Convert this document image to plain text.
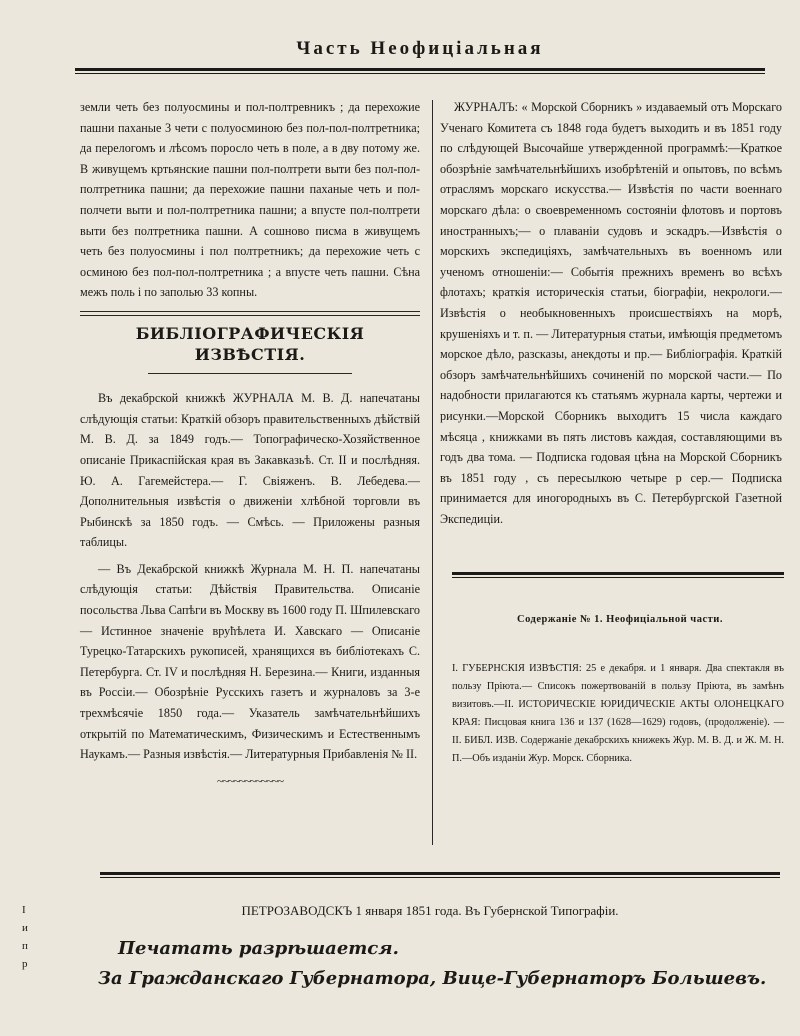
Часть Неофиціальная

земли четь без полуосмины и пол-полтревникъ ; да перехожие пашни паханые 3 чети с полуосминою без пол-пол-полтретника; да перелогомъ и лѣсомъ поросло четь в поле, а в дву потому же. В живущемъ кртьянские пашни пол-полтрети выти без пол-пол-полтретника пашни; да перехожие пашни паханые четь и пол-полчети выти и пол-полтретника пашни; а впусте пол-полтрети выти без полтретника пашни. А сошново писма в живущемъ четь без полуосмины і пол полтретникъ; да перехожие четь с осминою без пол-пол-полтретника ; а впусте четь пашни. Сѣна межъ поль і по заполью 33 копны.

БИБЛІОГРАФИЧЕСКІЯ ИЗВѢСТІЯ.

Въ декабрской книжкѣ ЖУРНАЛА М. В. Д. напечатаны слѣдующія статьи: Краткій обзоръ правительственныхъ дѣйствій М. В. Д. за 1849 годъ.— Топографическо-Хозяйственное описаніе Прикаспійская края въ Закавказьѣ. Ст. II и послѣдняя. Ю. А. Гагемейстера.— Г. Свіяженъ. В. Лебедева.— Дополнительныя извѣстія о движеніи хлѣбной торговли въ Рыбинскѣ за 1850 годъ. — Смѣсь. — Приложены разныя таблицы.

— Въ Декабрской книжкѣ Журнала М. Н. П. напечатаны слѣдующія статьи: Дѣйствія Правительства. Описаніе посольства Льва Сапѣги въ Москву въ 1600 году П. Шпилевскаго — Истинное значеніе врућѣлета И. Хавскаго — Описаніе Турецко-Татарскихъ рукописей, хранящихся въ библіотекахъ С. Петербурга. Ст. IV и послѣдняя Н. Березина.— Книги, изданныя въ Россіи.— Обозрѣніе Русскихъ газетъ и журналовъ за 3-е трехмѣсячіе 1850 года.— Указатель замѣчательнѣйшихъ открытій по Математическимъ, Физическимъ и Естественнымъ Наукамъ.— Разныя извѣстія.— Литературныя Прибавленія № II.

~~~~~~~~~~~~

ЖУРНАЛЪ: « Морской Сборникъ » издаваемый отъ Морскаго Ученаго Комитета съ 1848 года будетъ выходить и въ 1851 году по слѣдующей Высочайше утвержденной программѣ:—Краткое обозрѣніе замѣчательнѣйшихъ изобрѣтеній и опытовъ, по всѣмъ отраслямъ морскаго искусства.— Извѣстія по части военнаго морскаго дѣла: о своевременномъ состояніи флотовъ и портовъ иностранныхъ;— о плаваніи судовъ и эскадръ.—Извѣстія о морскихъ экспедиціяхъ, замѣчательныхъ въ военномъ или ученомъ отношеніи:— Событія прежнихъ временъ во всѣхъ флотахъ; краткія историческія статьи, біографіи, некрологи.—Извѣстія о необыкновенныхъ происшествіяхъ на морѣ, крушеніяхъ и т. п. — Литературныя статьи, имѣющія предметомъ морское дѣло, разсказы, анекдоты и пр.— Библіографія. Краткій обзоръ замѣчательнѣйшихъ сочиненій по морской части.— По надобности прилагаются къ статьямъ журнала карты, чертежи и рисунки.—Морской Сборникъ выходитъ 15 числа каждаго мѣсяца , книжками въ пять листовъ каждая, составляющими въ годъ два тома. — Подписка годовая цѣна на Морской Сборникъ въ 1851 году , съ пересылкою четыре р сер.— Подписка принимается для иногородныхъ въ С. Петербургской Газетной Экспедиціи.

Содержаніе № 1. Неофиціальной части.
I. ГУБЕРНСКІЯ ИЗВѢСТІЯ: 25 е декабря. и 1 января. Два спектакля въ пользу Пріюта.— Списокъ пожертвованій в пользу Пріюта, въ замѣнъ визитовъ.—II. ИСТОРИЧЕСКІЕ ЮРИДИЧЕСКІЕ АКТЫ ОЛОНЕЦКАГО КРАЯ: Писцовая книга 136 и 137 (1628—1629) годовъ, (продолженіе). — II. БИБЛ. ИЗВ. Содержаніе декабрскихъ книжекъ Жур. М. В. Д. и Ж. М. Н. П.—Объ изданіи Жур. Морск. Сборника.
ПЕТРОЗАВОДСКЪ 1 января 1851 года. Въ Губернской Типографіи.
Печатать разрѣшается.
За Гражданскаго Губернатора, Вице-Губернаторъ Большевъ.
I
и
п
р
